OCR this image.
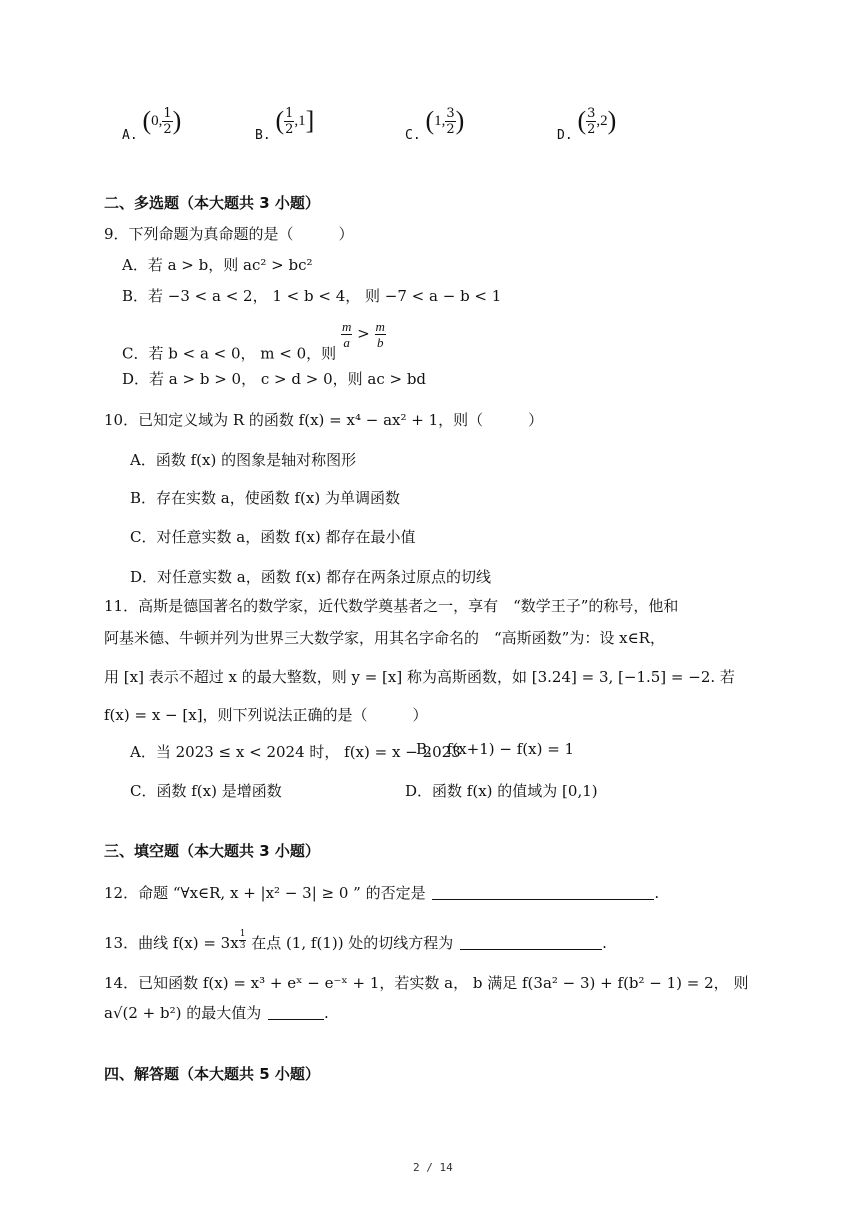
A. (0, $\frac{1}{2}$ )
B. ( $\frac{1}{2} ,1$]
C. (1, $\frac{3}{2}$ )
D. ( $\frac{3}{2} ,2$)
二、多选题（本大题共 3 小题）
9．下列命题为真命题的是（　　　）
A．若 a > b，则 ac² > bc²
B．若 −3 < a < 2， 1 < b < 4， 则 −7 < a − b < 1
C．若 b < a < 0， m < 0，则
$\frac{m}{a} > \frac{m}{b}$
D．若 a > b > 0， c > d > 0，则 ac > bd
10．已知定义域为 R 的函数 f(x) = x⁴ − ax² + 1，则（　　　）
A．函数 f(x) 的图象是轴对称图形
B．存在实数 a，使函数 f(x) 为单调函数
C．对任意实数 a，函数 f(x) 都存在最小值
D．对任意实数 a，函数 f(x) 都存在两条过原点的切线
11．高斯是德国著名的数学家，近代数学奠基者之一，享有　“数学王子”的称号，他和
阿基米德、牛顿并列为世界三大数学家，用其名字命名的　“高斯函数”为：设 x∈R，
用 [x] 表示不超过 x 的最大整数，则 y = [x] 称为高斯函数，如 [3.24] = 3, [−1.5] = −2. 若
f(x) = x − [x]，则下列说法正确的是（　　　）
A．当 2023 ≤ x < 2024 时， f(x) = x − 2023
B． f(x+1) − f(x) = 1
C．函数 f(x) 是增函数	D．函数 f(x) 的值域为 [0,1)
三、填空题（本大题共 3 小题）
12．命题 “∀x∈R, x + |x² − 3| ≥ 0 ” 的否定是	.
13．曲线 $f(x) = 3x \frac{1}{3}$ 在点 (1, f(1)) 处的切线方程为	.
14．已知函数 f(x) = x³ + eˣ − e⁻ˣ + 1，若实数 a， b 满足 f(3a² − 3) + f(b² − 1) = 2， 则
a√(2 + b²) 的最大值为	.
四、解答题（本大题共 5 小题）
2 / 14
